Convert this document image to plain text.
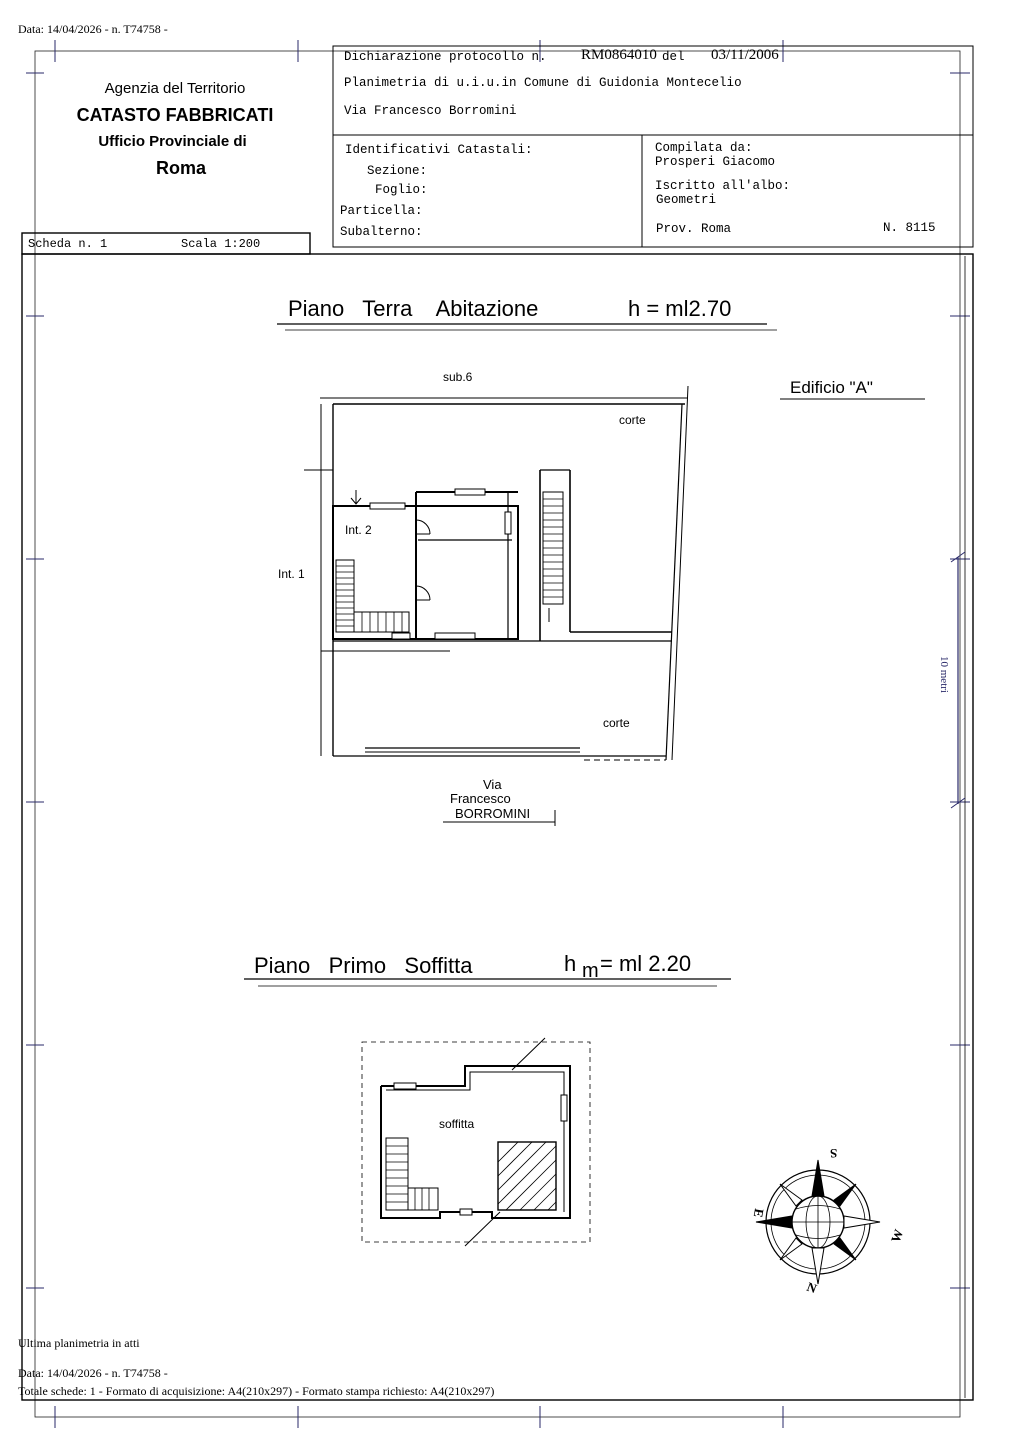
Data: 14/04/2026 - n. T74758 -
Agenzia del Territorio
CATASTO FABBRICATI
Ufficio Provinciale di
Roma
Dichiarazione protocollo n. RM0864010 del 03/11/2006
Planimetria di u.i.u.in Comune di Guidonia Montecelio
Via Francesco Borromini
Identificativi Catastali:
Sezione:
Foglio:
Particella:
Subalterno:
Compilata da:
Prosperi Giacomo
Iscritto all'albo:
Geometri
Prov. Roma	N. 8115
Scheda n. 1	Scala 1:200
Piano   Terra    Abitazione	h = ml2.70
Edificio "A"
sub.6
corte
Int. 2
Int. 1
corte
Via
Francesco
BORROMINI
10 metri
Piano   Primo   Soffitta	h m = ml 2.20
soffitta
S
N
E
W
Ultima planimetria in atti
Data: 14/04/2026 - n. T74758 -
Totale schede: 1 - Formato di acquisizione: A4(210x297) - Formato stampa richiesto: A4(210x297)
